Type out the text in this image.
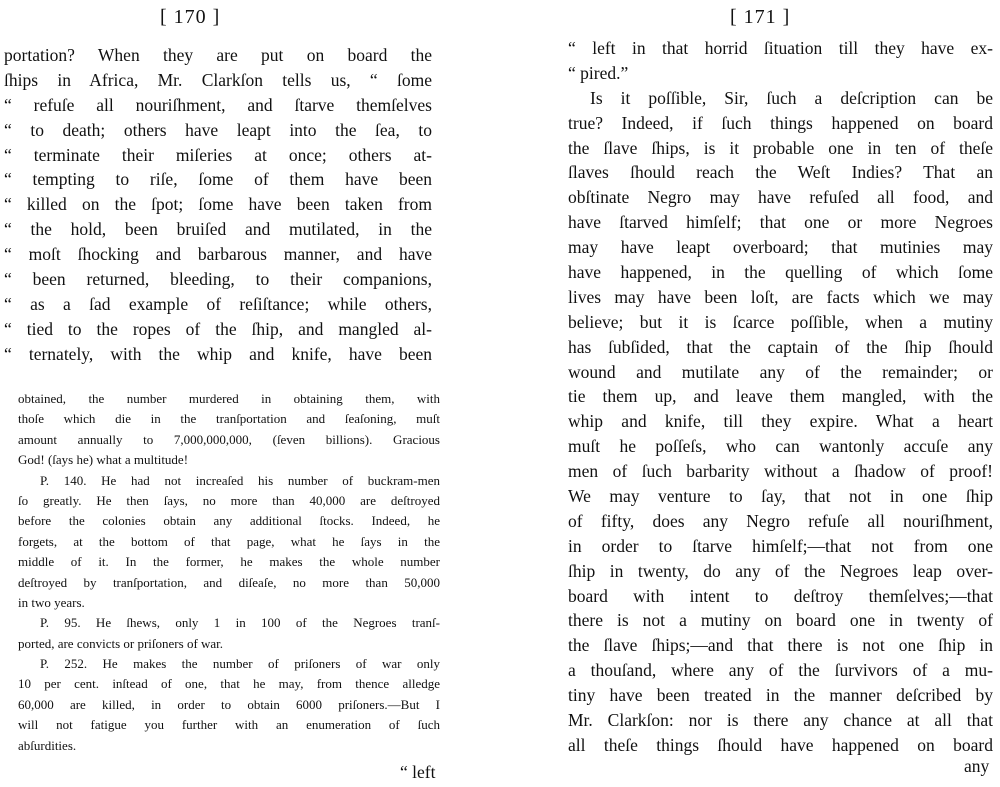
[ 170 ]
portation? When they are put on board the
ſhips in Africa, Mr. Clarkſon tells us, “ ſome
“ refuſe all nouriſhment, and ſtarve themſelves
“ to death; others have leapt into the ſea, to
“ terminate their miſeries at once; others at-
“ tempting to riſe, ſome of them have been
“ killed on the ſpot; ſome have been taken from
“ the hold, been bruiſed and mutilated, in the
“ moſt ſhocking and barbarous manner, and have
“ been returned, bleeding, to their companions,
“ as a ſad example of reſiſtance; while others,
“ tied to the ropes of the ſhip, and mangled al-
“ ternately, with the whip and knife, have been
obtained, the number murdered in obtaining them, with
thoſe which die in the tranſportation and ſeaſoning, muſt
amount annually to 7,000,000,000, (ſeven billions). Gracious
God! (ſays he) what a multitude!
P. 140. He had not increaſed his number of buckram-men
ſo greatly. He then ſays, no more than 40,000 are deſtroyed
before the colonies obtain any additional ſtocks. Indeed, he
forgets, at the bottom of that page, what he ſays in the
middle of it. In the former, he makes the whole number
deſtroyed by tranſportation, and diſeaſe, no more than 50,000
in two years.
P. 95. He ſhews, only 1 in 100 of the Negroes tranſ-
ported, are convicts or priſoners of war.
P. 252. He makes the number of priſoners of war only
10 per cent. inſtead of one, that he may, from thence alledge
60,000 are killed, in order to obtain 6000 priſoners.—But I
will not fatigue you further with an enumeration of ſuch
abſurdities.
“ left
[ 171 ]
“ left in that horrid ſituation till they have ex-
“ pired.”
Is it poſſible, Sir, ſuch a deſcription can be
true? Indeed, if ſuch things happened on board
the ſlave ſhips, is it probable one in ten of theſe
ſlaves ſhould reach the Weſt Indies? That an
obſtinate Negro may have refuſed all food, and
have ſtarved himſelf; that one or more Negroes
may have leapt overboard; that mutinies may
have happened, in the quelling of which ſome
lives may have been loſt, are facts which we may
believe; but it is ſcarce poſſible, when a mutiny
has ſubſided, that the captain of the ſhip ſhould
wound and mutilate any of the remainder; or
tie them up, and leave them mangled, with the
whip and knife, till they expire. What a heart
muſt he poſſeſs, who can wantonly accuſe any
men of ſuch barbarity without a ſhadow of proof!
We may venture to ſay, that not in one ſhip
of fifty, does any Negro refuſe all nouriſhment,
in order to ſtarve himſelf;—that not from one
ſhip in twenty, do any of the Negroes leap over-
board with intent to deſtroy themſelves;—that
there is not a mutiny on board one in twenty of
the ſlave ſhips;—and that there is not one ſhip in
a thouſand, where any of the ſurvivors of a mu-
tiny have been treated in the manner deſcribed by
Mr. Clarkſon: nor is there any chance at all that
all theſe things ſhould have happened on board
any
